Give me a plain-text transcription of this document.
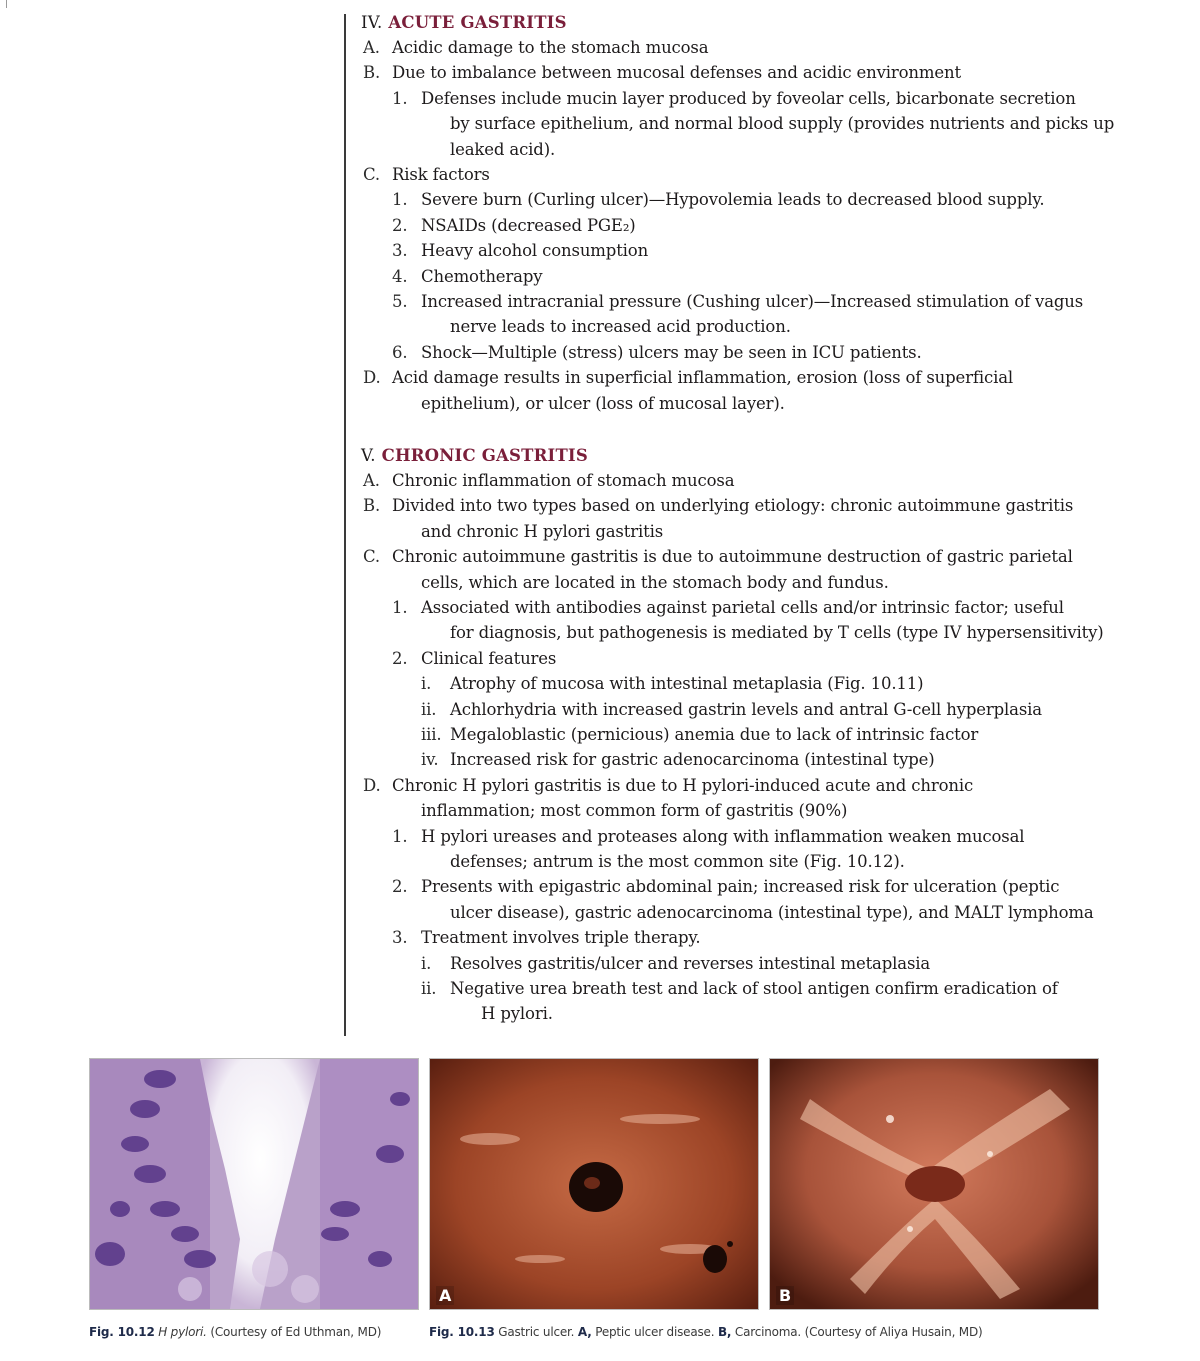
IV. ACUTE GASTRITIS
A. Acidic damage to the stomach mucosa
B. Due to imbalance between mucosal defenses and acidic environment
1. Defenses include mucin layer produced by foveolar cells, bicarbonate secretion
by surface epithelium, and normal blood supply (provides nutrients and picks up
leaked acid).
C. Risk factors
1. Severe burn (Curling ulcer)—Hypovolemia leads to decreased blood supply.
2. NSAIDs (decreased PGE₂)
3. Heavy alcohol consumption
4. Chemotherapy
5. Increased intracranial pressure (Cushing ulcer)—Increased stimulation of vagus
nerve leads to increased acid production.
6. Shock—Multiple (stress) ulcers may be seen in ICU patients.
D. Acid damage results in superficial inflammation, erosion (loss of superficial
epithelium), or ulcer (loss of mucosal layer).
V. CHRONIC GASTRITIS
A. Chronic inflammation of stomach mucosa
B. Divided into two types based on underlying etiology: chronic autoimmune gastritis
and chronic H pylori gastritis
C. Chronic autoimmune gastritis is due to autoimmune destruction of gastric parietal
cells, which are located in the stomach body and fundus.
1. Associated with antibodies against parietal cells and/or intrinsic factor; useful
for diagnosis, but pathogenesis is mediated by T cells (type IV hypersensitivity)
2. Clinical features
i. Atrophy of mucosa with intestinal metaplasia (Fig. 10.11)
ii. Achlorhydria with increased gastrin levels and antral G-cell hyperplasia
iii. Megaloblastic (pernicious) anemia due to lack of intrinsic factor
iv. Increased risk for gastric adenocarcinoma (intestinal type)
D. Chronic H pylori gastritis is due to H pylori-induced acute and chronic
inflammation; most common form of gastritis (90%)
1. H pylori ureases and proteases along with inflammation weaken mucosal
defenses; antrum is the most common site (Fig. 10.12).
2. Presents with epigastric abdominal pain; increased risk for ulceration (peptic
ulcer disease), gastric adenocarcinoma (intestinal type), and MALT lymphoma
3. Treatment involves triple therapy.
i. Resolves gastritis/ulcer and reverses intestinal metaplasia
ii. Negative urea breath test and lack of stool antigen confirm eradication of
H pylori.
A	B
Fig. 10.12 H pylori. (Courtesy of Ed Uthman, MD)	Fig. 10.13 Gastric ulcer. A, Peptic ulcer disease. B, Carcinoma. (Courtesy of Aliya Husain, MD)
